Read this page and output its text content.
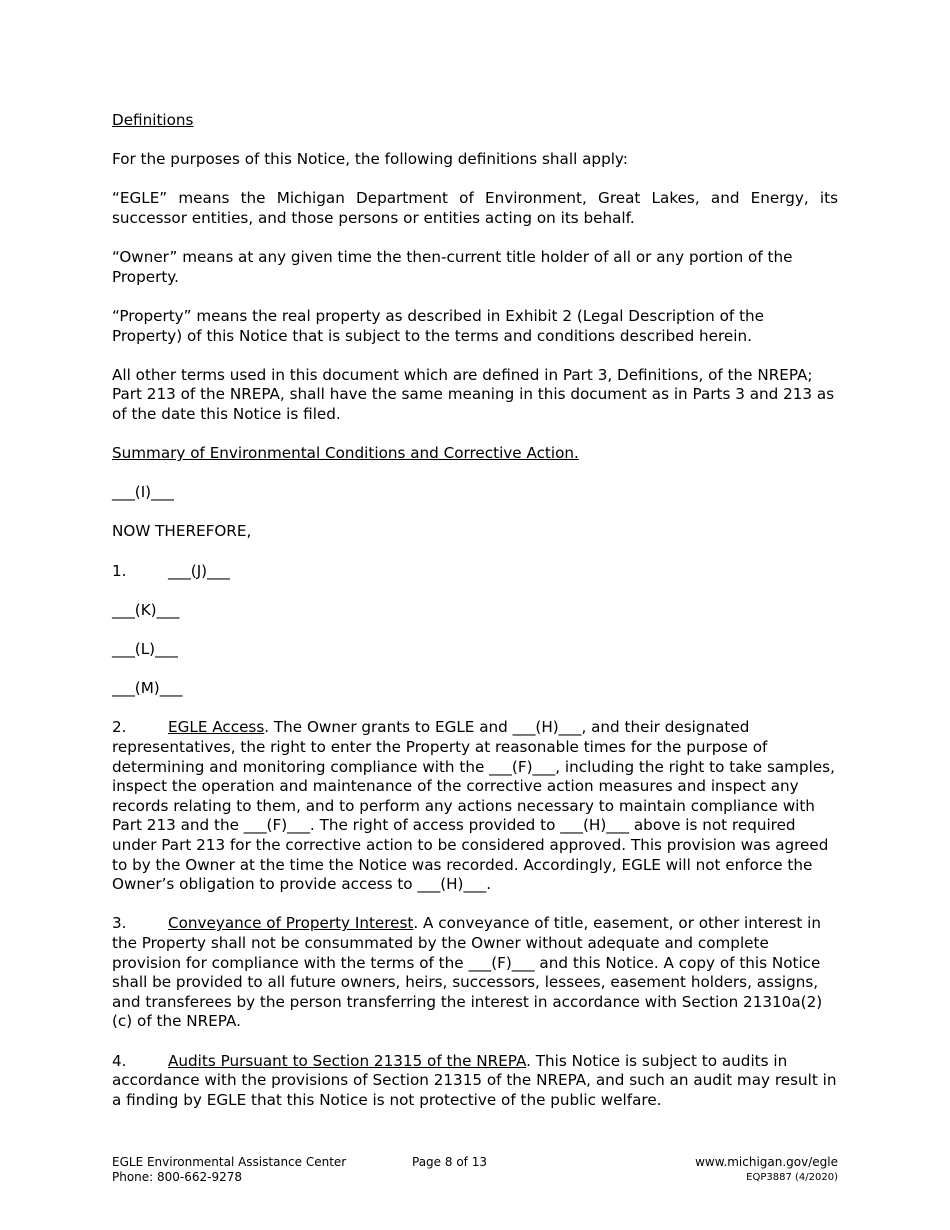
Definitions

For the purposes of this Notice, the following definitions shall apply:

“EGLE” means the Michigan Department of Environment, Great Lakes, and Energy, its successor entities, and those persons or entities acting on its behalf.

“Owner” means at any given time the then-current title holder of all or any portion of the Property.

“Property” means the real property as described in Exhibit 2 (Legal Description of the Property) of this Notice that is subject to the terms and conditions described herein.

All other terms used in this document which are defined in Part 3, Definitions, of the NREPA; Part 213 of the NREPA, shall have the same meaning in this document as in Parts 3 and 213 as of the date this Notice is filed.

Summary of Environmental Conditions and Corrective Action.

___(I)___

NOW THEREFORE,

1.	___(J)___

___(K)___

___(L)___

___(M)___

2.	EGLE Access. The Owner grants to EGLE and ___(H)___, and their designated representatives, the right to enter the Property at reasonable times for the purpose of determining and monitoring compliance with the ___(F)___, including the right to take samples, inspect the operation and maintenance of the corrective action measures and inspect any records relating to them, and to perform any actions necessary to maintain compliance with Part 213 and the ___(F)___. The right of access provided to ___(H)___ above is not required under Part 213 for the corrective action to be considered approved. This provision was agreed to by the Owner at the time the Notice was recorded. Accordingly, EGLE will not enforce the Owner’s obligation to provide access to ___(H)___.

3.	Conveyance of Property Interest. A conveyance of title, easement, or other interest in the Property shall not be consummated by the Owner without adequate and complete provision for compliance with the terms of the ___(F)___ and this Notice. A copy of this Notice shall be provided to all future owners, heirs, successors, lessees, easement holders, assigns, and transferees by the person transferring the interest in accordance with Section 21310a(2)(c) of the NREPA.

4.	Audits Pursuant to Section 21315 of the NREPA. This Notice is subject to audits in accordance with the provisions of Section 21315 of the NREPA, and such an audit may result in a finding by EGLE that this Notice is not protective of the public welfare.

EGLE Environmental Assistance Center
Phone: 800-662-9278
Page 8 of 13	www.michigan.gov/egle
EQP3887 (4/2020)
